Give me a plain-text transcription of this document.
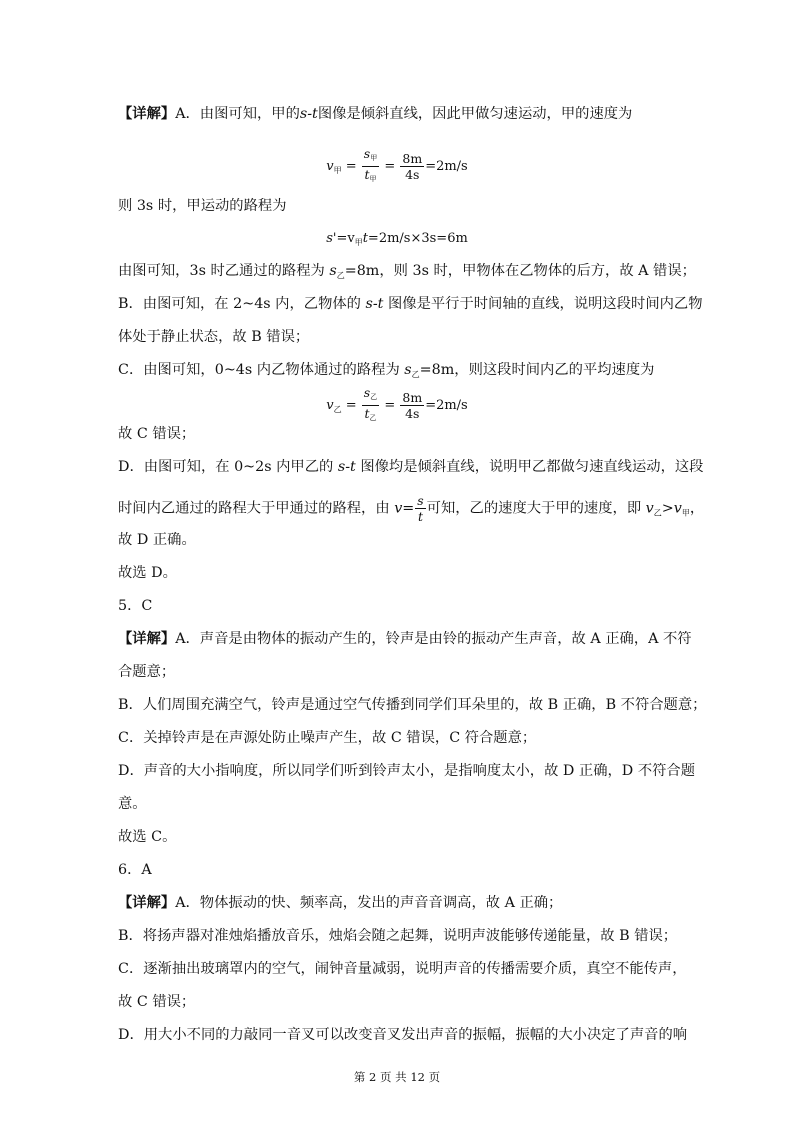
【详解】A．由图可知，甲的s-t图像是倾斜直线，因此甲做匀速运动，甲的速度为
$v_甲 = \frac{s_甲}{t_甲} = \frac{8m}{4s} =2m/s$
则 3s 时，甲运动的路程为
$s'=v_甲t=2m/s\times 3s=6m$
由图可知，3s 时乙通过的路程为 $s_乙=8m$，则 3s 时，甲物体在乙物体的后方，故 A 错误；
B．由图可知，在 2~4s 内，乙物体的 s-t 图像是平行于时间轴的直线，说明这段时间内乙物
体处于静止状态，故 B 错误；
C．由图可知，0~4s 内乙物体通过的路程为 $s_乙=8m$，则这段时间内乙的平均速度为
$v_乙 = \frac{s_乙}{t_乙} = \frac{8m}{4s} =2m/s$
故 C 错误；
D．由图可知，在 0~2s 内甲乙的 s-t 图像均是倾斜直线，说明甲乙都做匀速直线运动，这段
时间内乙通过的路程大于甲通过的路程，由 $v= \frac{s}{t}$ 可知，乙的速度大于甲的速度，即 $v_乙>v_甲$，
故 D 正确。
故选 D。
5．C
【详解】A．声音是由物体的振动产生的，铃声是由铃的振动产生声音，故 A 正确，A 不符
合题意；
B．人们周围充满空气，铃声是通过空气传播到同学们耳朵里的，故 B 正确，B 不符合题意；
C．关掉铃声是在声源处防止噪声产生，故 C 错误，C 符合题意；
D．声音的大小指响度，所以同学们听到铃声太小，是指响度太小，故 D 正确，D 不符合题
意。
故选 C。
6．A
【详解】A．物体振动的快、频率高，发出的声音音调高，故 A 正确；
B．将扬声器对准烛焰播放音乐，烛焰会随之起舞，说明声波能够传递能量，故 B 错误；
C．逐渐抽出玻璃罩内的空气，闹钟音量减弱，说明声音的传播需要介质，真空不能传声，
故 C 错误；
D．用大小不同的力敲同一音叉可以改变音叉发出声音的振幅，振幅的大小决定了声音的响
第 2 页 共 12 页
